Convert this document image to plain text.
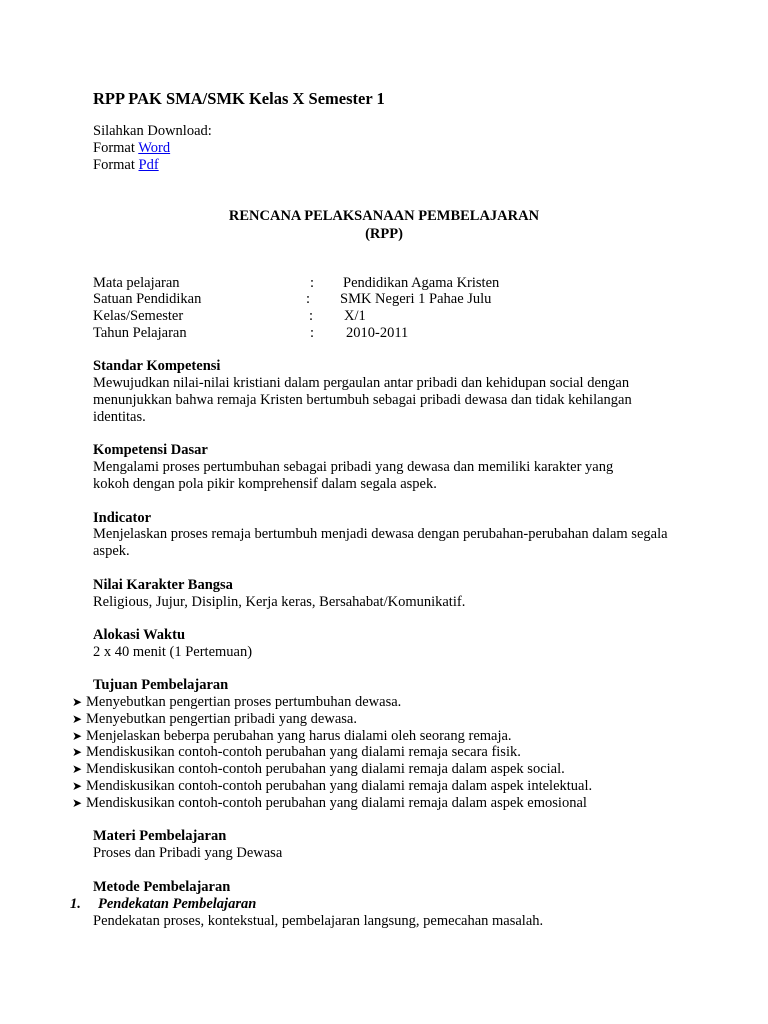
RPP PAK SMA/SMK Kelas X Semester 1
Silahkan Download:
Format Word
Format Pdf
RENCANA PELAKSANAAN PEMBELAJARAN
(RPP)
Mata pelajaran	: Pendidikan Agama Kristen
Satuan Pendidikan	: SMK Negeri 1 Pahae Julu
Kelas/Semester	: X/1
Tahun Pelajaran	: 2010-2011
Standar Kompetensi
Mewujudkan nilai-nilai kristiani dalam pergaulan antar pribadi dan kehidupan social dengan menunjukkan bahwa remaja Kristen bertumbuh sebagai pribadi dewasa dan tidak kehilangan identitas.
Kompetensi Dasar
Mengalami proses pertumbuhan sebagai pribadi yang dewasa dan memiliki karakter yang
kokoh dengan pola pikir komprehensif dalam segala aspek.
Indicator
Menjelaskan proses remaja bertumbuh menjadi dewasa dengan perubahan-perubahan dalam segala aspek.
Nilai Karakter Bangsa
Religious, Jujur, Disiplin, Kerja keras, Bersahabat/Komunikatif.
Alokasi Waktu
2 x 40 menit (1 Pertemuan)
Tujuan Pembelajaran
➤ Menyebutkan pengertian proses pertumbuhan dewasa.
➤ Menyebutkan pengertian pribadi yang dewasa.
➤ Menjelaskan beberpa perubahan yang harus dialami oleh seorang remaja.
➤ Mendiskusikan contoh-contoh perubahan yang dialami remaja secara fisik.
➤ Mendiskusikan contoh-contoh perubahan yang dialami remaja dalam aspek social.
➤ Mendiskusikan contoh-contoh perubahan yang dialami remaja dalam aspek intelektual.
➤ Mendiskusikan contoh-contoh perubahan yang dialami remaja dalam aspek emosional
Materi Pembelajaran
Proses dan Pribadi yang Dewasa
Metode Pembelajaran
1. Pendekatan Pembelajaran
Pendekatan proses, kontekstual, pembelajaran langsung, pemecahan masalah.
